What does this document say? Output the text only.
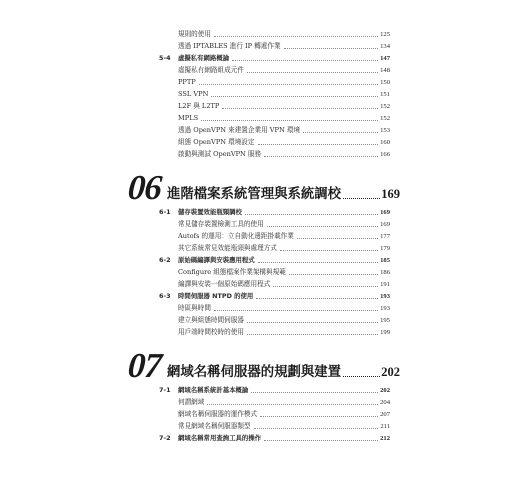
規則的使用	125
透過 IPTABLES 進行 IP 轉遞作業	134
5-4	虛擬私有網路概論	147
虛擬私有網路組成元件	148
PPTP	150
SSL VPN	151
L2F 與 L2TP	152
MPLS	152
透過 OpenVPN 來建置企業用 VPN 環境	153
組態 OpenVPN 環境設定	160
啟動與測試 OpenVPN 服務	166
06 進階檔案系統管理與系統調校	169
6-1	儲存裝置效能瓶頸調校	169
常見儲存裝置檢測工具的使用	169
Autofs 的運用：立自動化邊距掛載作業	177
其它系統常見效能瓶頸與處理方式	179
6-2	原始碼編譯與安裝應用程式	185
Configure 組態檔案作業架構與規範	186
編譯與安裝一個原始碼應用程式	191
6-3	時間伺服器 NTPD 的使用	193
時區與時間	193
建立與組態時間伺服器	195
用戶端時間校時的使用	199
07 網域名稱伺服器的規劃與建置	202
7-1	網域名稱系統計基本概論	202
何謂網域	204
網域名稱伺服器的運作模式	207
常見網域名稱伺服器類型	211
7-2	網域名稱常用查詢工具的操作	212
